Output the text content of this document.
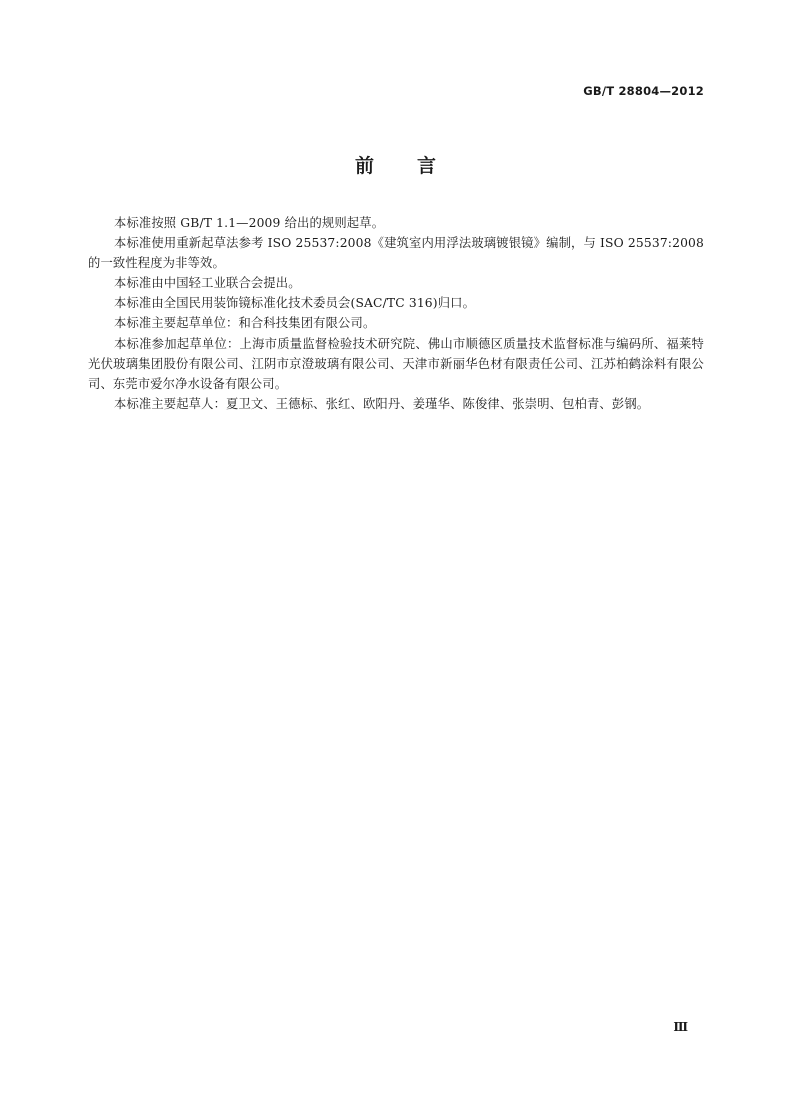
GB/T 28804—2012
前 言

本标准按照 GB/T 1.1—2009 给出的规则起草。

本标准使用重新起草法参考 ISO 25537:2008《建筑室内用浮法玻璃镀银镜》编制，与 ISO 25537:2008 的一致性程度为非等效。

本标准由中国轻工业联合会提出。

本标准由全国民用装饰镜标准化技术委员会(SAC/TC 316)归口。

本标准主要起草单位：和合科技集团有限公司。

本标准参加起草单位：上海市质量监督检验技术研究院、佛山市顺德区质量技术监督标准与编码所、福莱特光伏玻璃集团股份有限公司、江阴市京澄玻璃有限公司、天津市新丽华色材有限责任公司、江苏柏鹤涂料有限公司、东莞市爱尔净水设备有限公司。

本标准主要起草人：夏卫文、王德标、张红、欧阳丹、姜瑾华、陈俊律、张崇明、包柏青、彭钢。

Ⅲ
